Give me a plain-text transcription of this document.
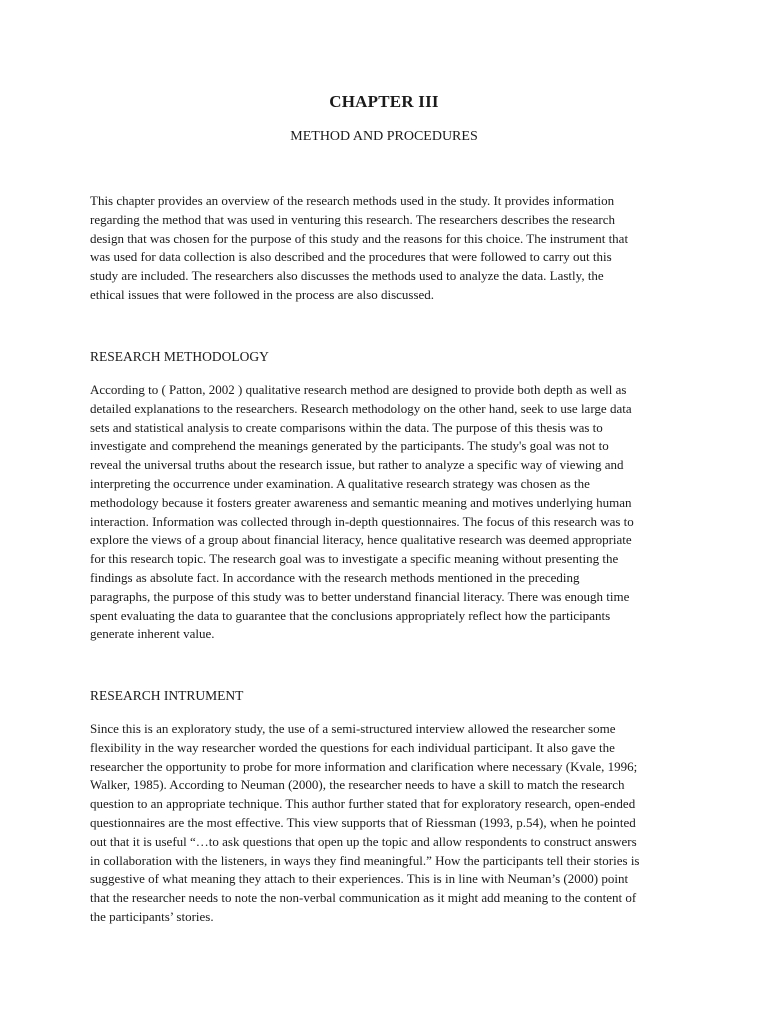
CHAPTER III
METHOD AND PROCEDURES

This chapter provides an overview of the research methods used in the study. It provides information
regarding the method that was used in venturing this research. The researchers describes the research
design that was chosen for the purpose of this study and the reasons for this choice. The instrument that
was used for data collection is also described and the procedures that were followed to carry out this
study are included. The researchers also discusses the methods used to analyze the data. Lastly, the
ethical issues that were followed in the process are also discussed.

RESEARCH METHODOLOGY

According to ( Patton, 2002 ) qualitative research method are designed to provide both depth as well as
detailed explanations to the researchers. Research methodology on the other hand, seek to use large data
sets and statistical analysis to create comparisons within the data. The purpose of this thesis was to
investigate and comprehend the meanings generated by the participants. The study's goal was not to
reveal the universal truths about the research issue, but rather to analyze a specific way of viewing and
interpreting the occurrence under examination. A qualitative research strategy was chosen as the
methodology because it fosters greater awareness and semantic meaning and motives underlying human
interaction. Information was collected through in-depth questionnaires. The focus of this research was to
explore the views of a group about financial literacy, hence qualitative research was deemed appropriate
for this research topic. The research goal was to investigate a specific meaning without presenting the
findings as absolute fact. In accordance with the research methods mentioned in the preceding
paragraphs, the purpose of this study was to better understand financial literacy. There was enough time
spent evaluating the data to guarantee that the conclusions appropriately reflect how the participants
generate inherent value.

RESEARCH INTRUMENT

Since this is an exploratory study, the use of a semi-structured interview allowed the researcher some
flexibility in the way researcher worded the questions for each individual participant. It also gave the
researcher the opportunity to probe for more information and clarification where necessary (Kvale, 1996;
Walker, 1985). According to Neuman (2000), the researcher needs to have a skill to match the research
question to an appropriate technique. This author further stated that for exploratory research, open-ended
questionnaires are the most effective. This view supports that of Riessman (1993, p.54), when he pointed
out that it is useful “…to ask questions that open up the topic and allow respondents to construct answers
in collaboration with the listeners, in ways they find meaningful.” How the participants tell their stories is
suggestive of what meaning they attach to their experiences. This is in line with Neuman’s (2000) point
that the researcher needs to note the non-verbal communication as it might add meaning to the content of
the participants’ stories.
